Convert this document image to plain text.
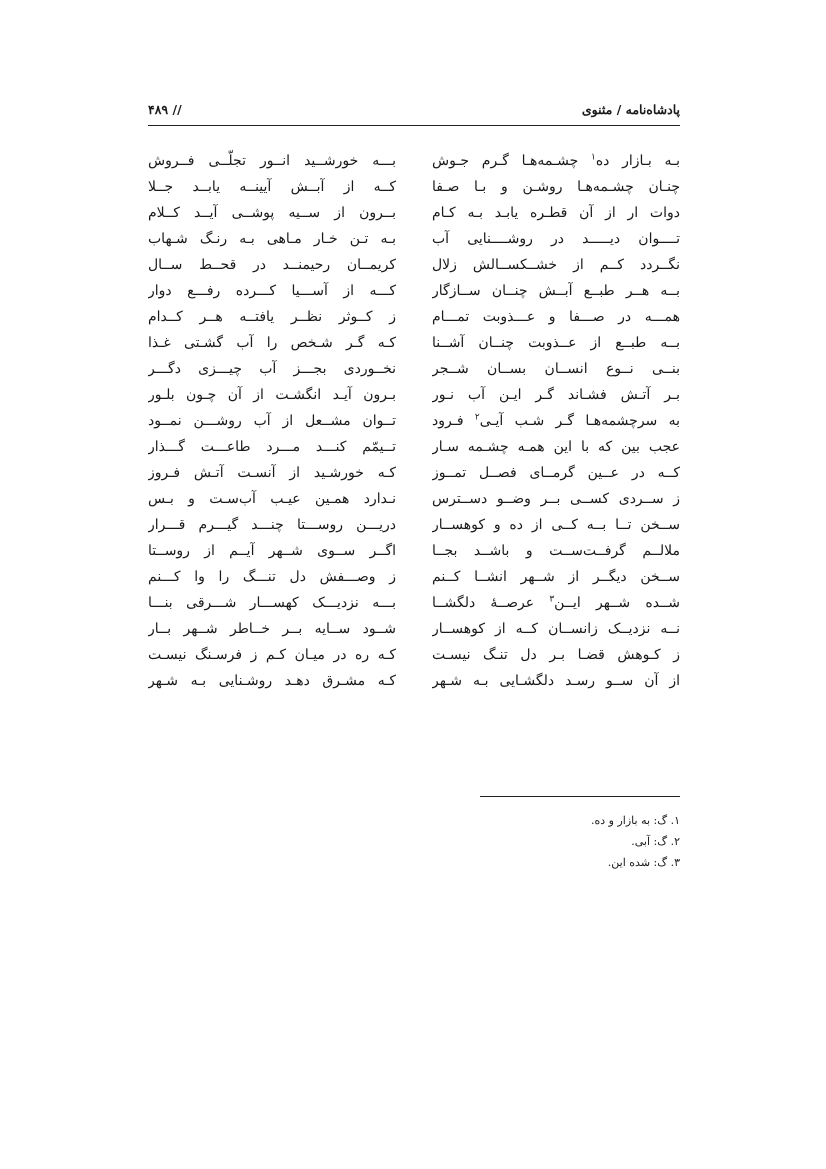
پادشاه‌نامه / مثنوی
// ۴۸۹
بـه بـازار ده$^۱$ چشـمه‌هـا گـرم جـوش
بـــه خورشــید انــور تجلّــی فــروش
چنـان چشـمه‌هـا روشـن و بـا صـفا
کــه از آبــش آیینــه یابــد جــلا
دوات ار از آن قطـره یابـد بـه کـام
بــرون از ســیه پوشــی آیــد کــلام
تــــوان دیـــــد در روشــــنایی آب
بـه تـن خـار مـاهی بـه رنـگ شـهاب
نگــردد کــم از خشــکســالش زلال
کریمــان رحیمنــد در قحــط ســال
بــه هــر طبــع آبــش چنــان ســازگار
کـــه از آســـیا کـــرده رفـــع دوار
همـــه در صـــفا و عـــذوبت تمـــام
ز کــوثر نظــر یافتــه هــر کــدام
بــه طبــع از عــذوبت چنــان آشــنا
کـه گـر شـخص را آب گشـتی غـذا
بنــی نــوع انســان بســان شــجر
نخــوردی بجـــز آب چیـــزی دگـــر
بـر آتـش فشـاند گـر ایـن آب نـور
بـرون آیـد انگشـت از آن چـون بلـور
به سرچشمه‌هـا گـر شـب آیـی$^۲$ فـرود
تــوان مشــعل از آب روشـــن نمــود
عجب بین که با این همـه چشـمه سـار
تــیمّم کنـــد مـــرد طاعـــت گـــذار
کــه در عــین گرمــای فصــل تمــوز
کـه خورشـید از آنسـت آتـش فـروز
ز ســردی کســی بــر وضــو دســترس
نـدارد همـین عیـب آب‌سـت و بـس
ســخن تــا بــه کــی از ده و کوهســار
دریـــن روســـتا چنـــد گیـــرم قـــرار
ملالــم گرفــت‌ســت و باشــد بجــا
اگــر ســوی شــهر آیــم از روســتا
ســخن دیگــر از شــهر انشــا کــنم
ز وصـــفش دل تنـــگ را وا کـــنم
شــده شــهر ایــن$^۳$ عرصــهٔ دلگشــا
بـــه نزدیـــک کهســـار شـــرقی بنـــا
نــه نزدیــک زانســان کــه از کوهســار
شــود ســایه بــر خــاطر شــهر بــار
ز کـوهش قضـا بـر دل تنـگ نیسـت
کـه ره در میـان کـم ز فرسـنگ نیسـت
از آن ســو رسـد دلگشـایی بـه شـهر
کـه مشـرق دهـد روشـنایی بـه شـهر
۱. گ: به بازار و ده.
۲. گ: آبی.
۳. گ: شده این.
